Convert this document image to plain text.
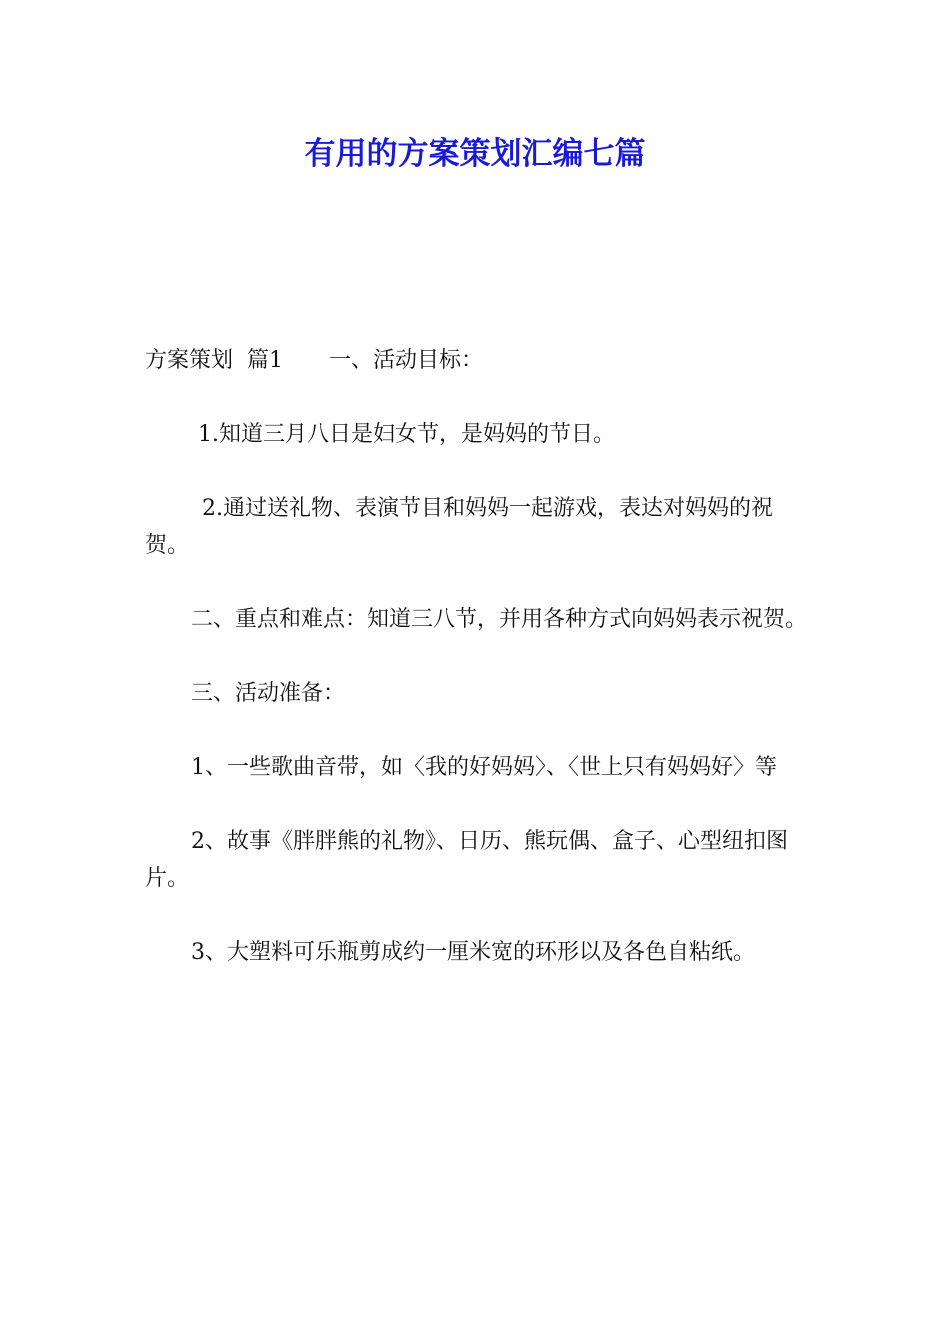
有用的方案策划汇编七篇

方案策划  篇1 一、活动目标：

1.知道三月八日是妇女节，是妈妈的节日。

2.通过送礼物、表演节目和妈妈一起游戏，表达对妈妈的祝贺。

二、重点和难点：知道三八节，并用各种方式向妈妈表示祝贺。

三、活动准备：

1、一些歌曲音带，如〈我的好妈妈〉、〈世上只有妈妈好〉等

2、故事《胖胖熊的礼物》、日历、熊玩偶、盒子、心型纽扣图片。

3、大塑料可乐瓶剪成约一厘米宽的环形以及各色自粘纸。
